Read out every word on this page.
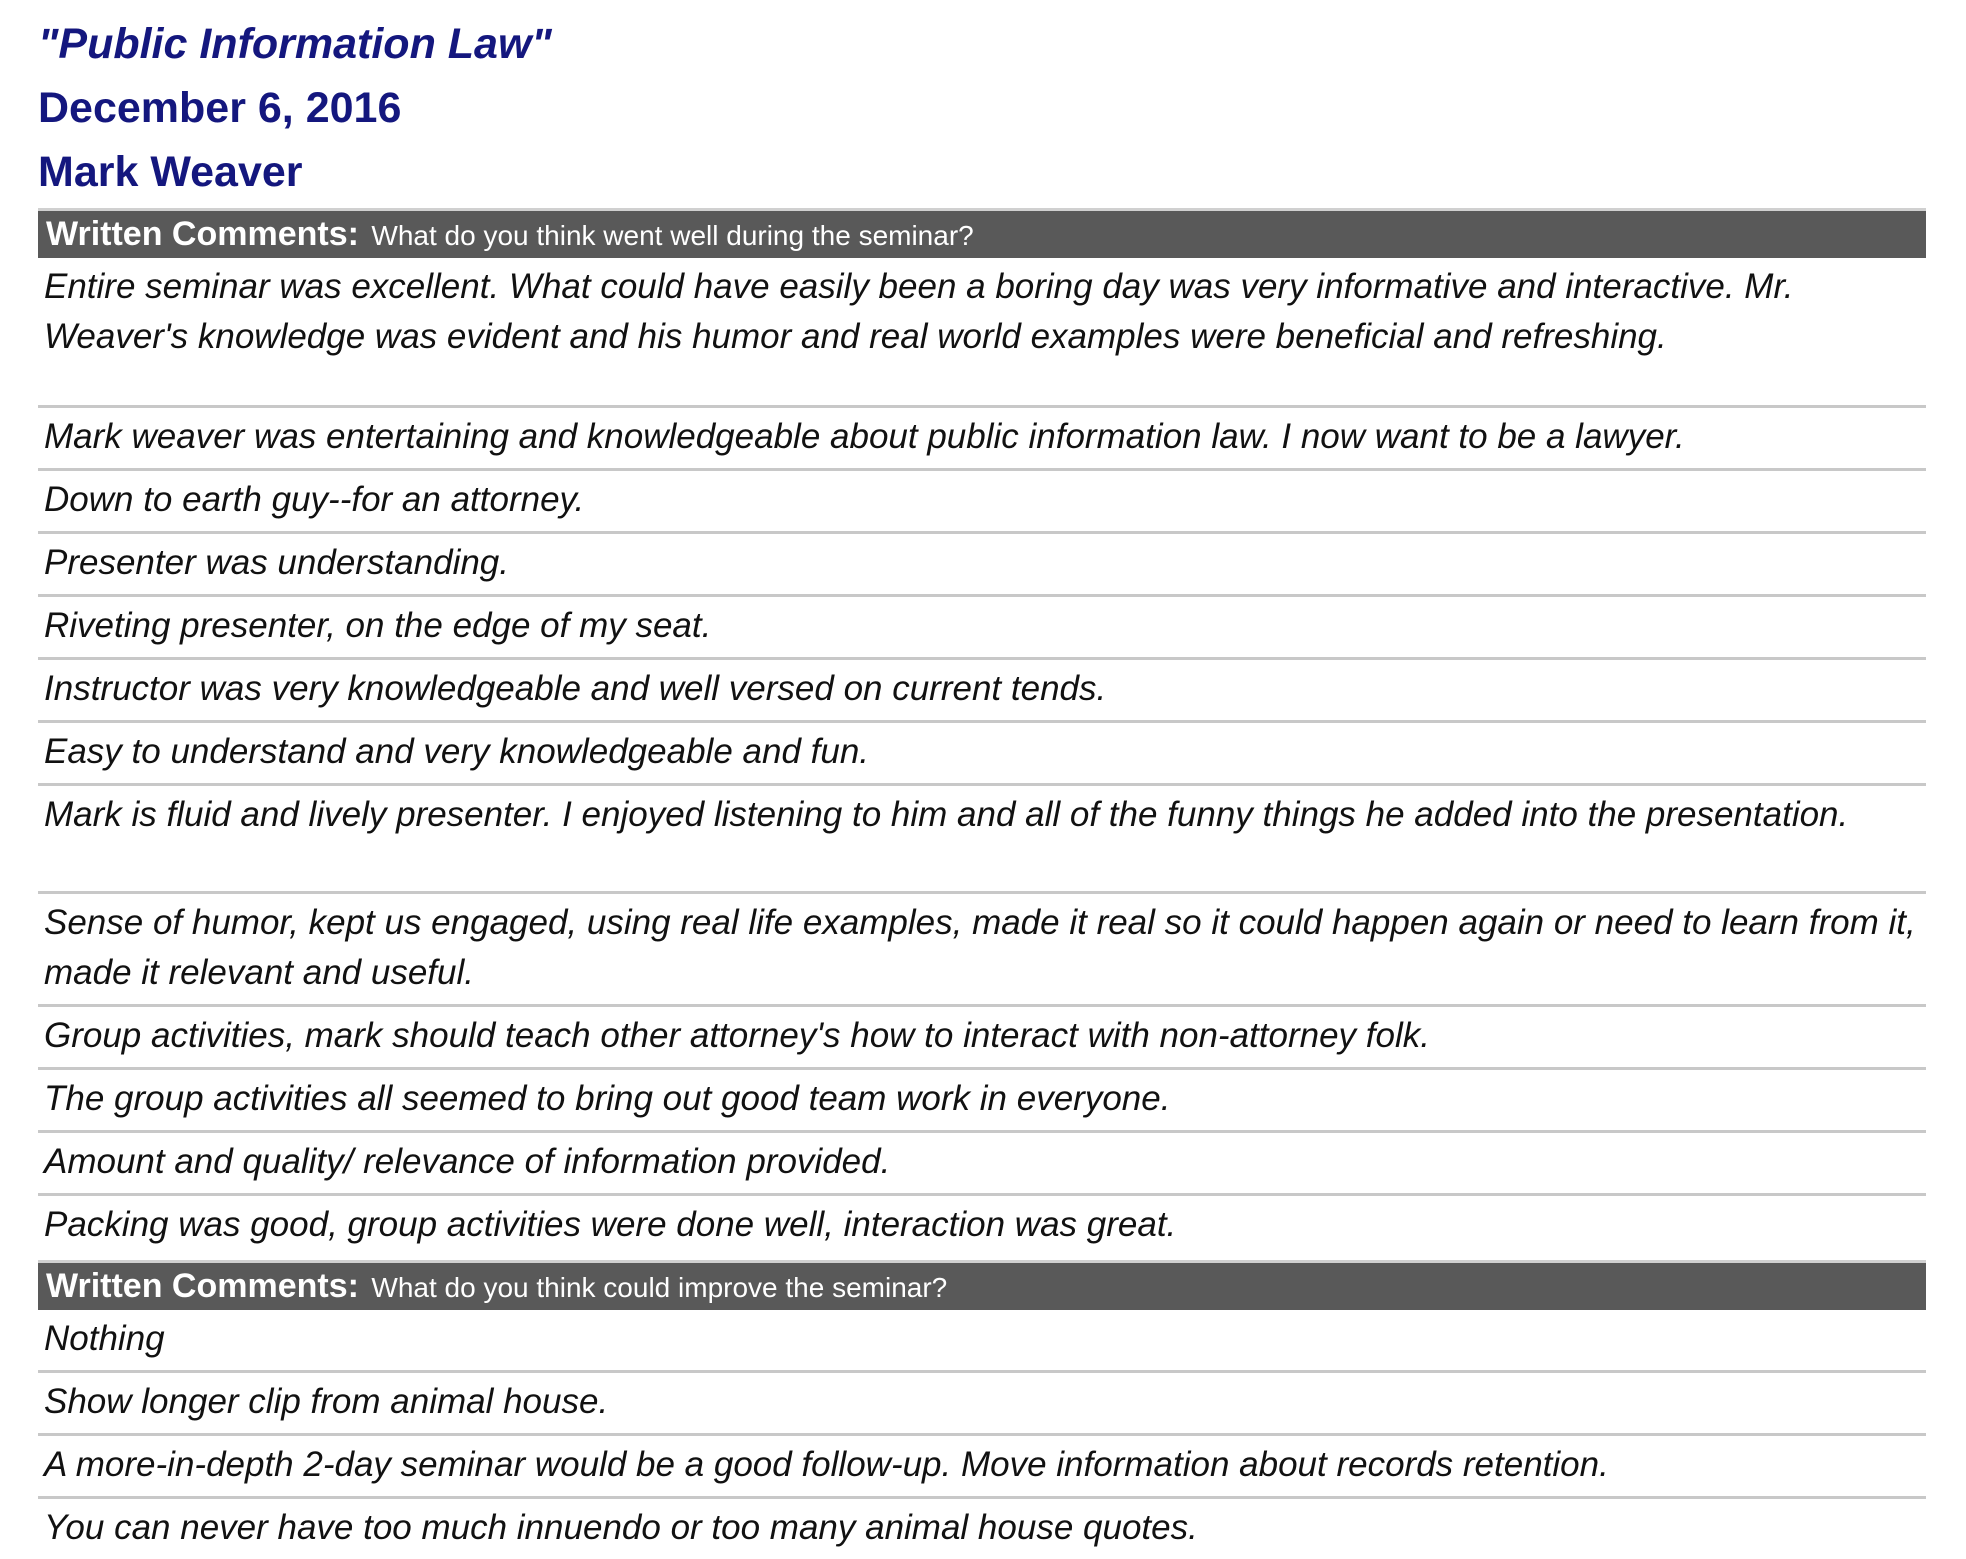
"Public Information Law"
December 6, 2016
Mark Weaver
Written Comments: What do you think went well during the seminar?
Entire seminar was excellent. What could have easily been a boring day was very informative and interactive. Mr. Weaver's knowledge was evident and his humor and real world examples were beneficial and refreshing.
Mark weaver was entertaining and knowledgeable about public information law. I now want to be a lawyer.
Down to earth guy--for an attorney.
Presenter was understanding.
Riveting presenter, on the edge of my seat.
Instructor was very knowledgeable and well versed on current tends.
Easy to understand and very knowledgeable and fun.
Mark is fluid and lively presenter. I enjoyed listening to him and all of the funny things he added into the presentation.
Sense of humor, kept us engaged, using real life examples, made it real so it could happen again or need to learn from it, made it relevant and useful.
Group activities, mark should teach other attorney's how to interact with non-attorney folk.
The group activities all seemed to bring out good team work in everyone.
Amount and quality/ relevance of information provided.
Packing was good, group activities were done well, interaction was great.
Written Comments: What do you think could improve the seminar?
Nothing
Show longer clip from animal house.
A more-in-depth 2-day seminar would be a good follow-up. Move information about records retention.
You can never have too much innuendo or too many animal house quotes.
